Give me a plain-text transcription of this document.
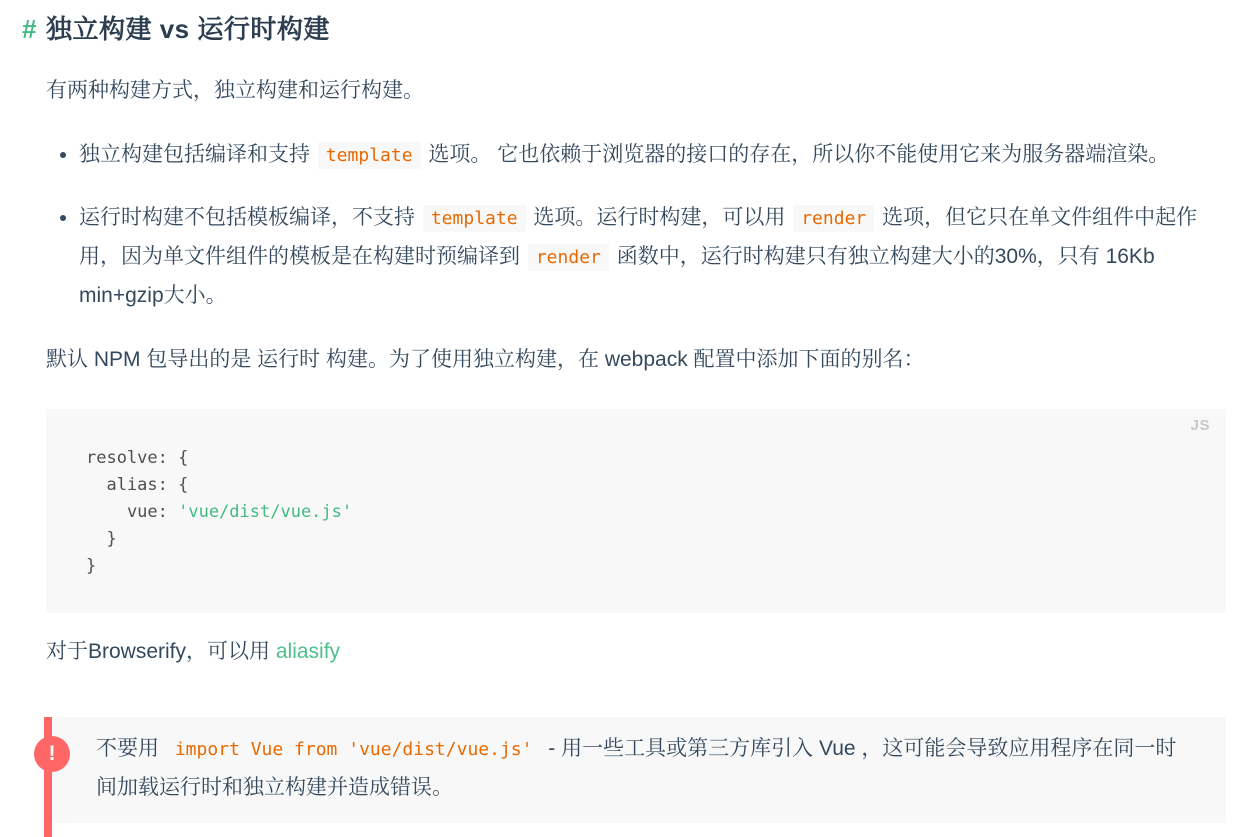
# 独立构建 vs 运行时构建

有两种构建方式，独立构建和运行构建。

• 独立构建包括编译和支持 template 选项。 它也依赖于浏览器的接口的存在，所以你不能使用它来为服务器端渲染。
• 运行时构建不包括模板编译，不支持 template 选项。运行时构建，可以用 render 选项，但它只在单文件组件中起作用，因为单文件组件的模板是在构建时预编译到 render 函数中，运行时构建只有独立构建大小的30%，只有 16Kb min+gzip大小。

默认 NPM 包导出的是 运行时 构建。为了使用独立构建，在 webpack 配置中添加下面的别名：

JS
resolve: {
alias: {
vue: 'vue/dist/vue.js'
}
}

对于Browserify，可以用 aliasify

!	不要用 import Vue from 'vue/dist/vue.js' - 用一些工具或第三方库引入 Vue ，这可能会导致应用程序在同一时间加载运行时和独立构建并造成错误。
